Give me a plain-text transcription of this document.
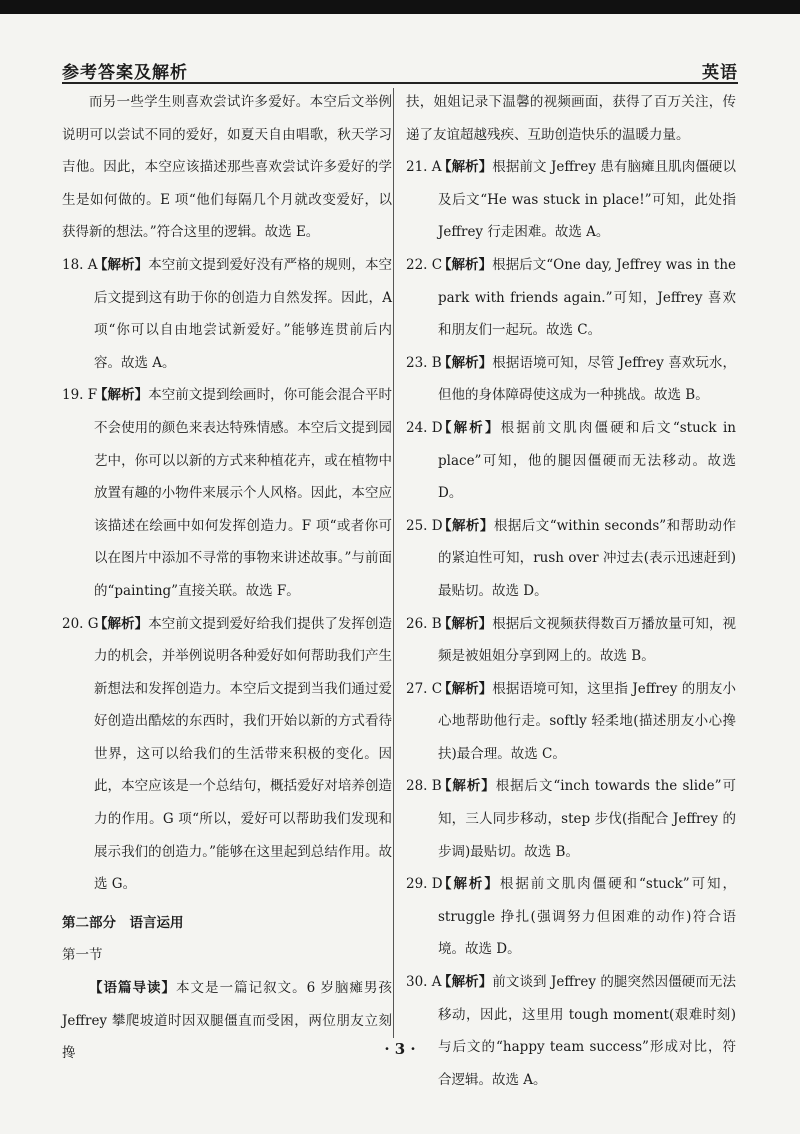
参考答案及解析	英语

而另一些学生则喜欢尝试许多爱好。本空后文举例说明可以尝试不同的爱好，如夏天自由唱歌，秋天学习吉他。因此，本空应该描述那些喜欢尝试许多爱好的学生是如何做的。E 项“他们每隔几个月就改变爱好，以获得新的想法。”符合这里的逻辑。故选 E。

18. A
【解析】本空前文提到爱好没有严格的规则，本空后文提到这有助于你的创造力自然发挥。因此，A 项“你可以自由地尝试新爱好。”能够连贯前后内容。故选 A。
19. F
【解析】本空前文提到绘画时，你可能会混合平时不会使用的颜色来表达特殊情感。本空后文提到园艺中，你可以以新的方式来种植花卉，或在植物中放置有趣的小物件来展示个人风格。因此，本空应该描述在绘画中如何发挥创造力。F 项“或者你可以在图片中添加不寻常的事物来讲述故事。”与前面的“painting”直接关联。故选 F。
20. G
【解析】本空前文提到爱好给我们提供了发挥创造力的机会，并举例说明各种爱好如何帮助我们产生新想法和发挥创造力。本空后文提到当我们通过爱好创造出酷炫的东西时，我们开始以新的方式看待世界，这可以给我们的生活带来积极的变化。因此，本空应该是一个总结句，概括爱好对培养创造力的作用。G 项“所以，爱好可以帮助我们发现和展示我们的创造力。”能够在这里起到总结作用。故选 G。

第二部分　语言运用

第一节

【语篇导读】本文是一篇记叙文。6 岁脑瘫男孩 Jeffrey 攀爬坡道时因双腿僵直而受困，两位朋友立刻搀

扶，姐姐记录下温馨的视频画面，获得了百万关注，传递了友谊超越残疾、互助创造快乐的温暖力量。

21. A
【解析】根据前文 Jeffrey 患有脑瘫且肌肉僵硬以及后文“He was stuck in place!”可知，此处指 Jeffrey 行走困难。故选 A。
22. C
【解析】根据后文“One day, Jeffrey was in the park with friends again.”可知，Jeffrey 喜欢和朋友们一起玩。故选 C。
23. B
【解析】根据语境可知，尽管 Jeffrey 喜欢玩水，但他的身体障碍使这成为一种挑战。故选 B。
24. D
【解析】根据前文肌肉僵硬和后文“stuck in place”可知，他的腿因僵硬而无法移动。故选 D。
25. D
【解析】根据后文“within seconds”和帮助动作的紧迫性可知，rush over 冲过去(表示迅速赶到)最贴切。故选 D。
26. B
【解析】根据后文视频获得数百万播放量可知，视频是被姐姐分享到网上的。故选 B。
27. C
【解析】根据语境可知，这里指 Jeffrey 的朋友小心地帮助他行走。softly 轻柔地(描述朋友小心搀扶)最合理。故选 C。
28. B
【解析】根据后文“inch towards the slide”可知，三人同步移动，step 步伐(指配合 Jeffrey 的步调)最贴切。故选 B。
29. D
【解析】根据前文肌肉僵硬和“stuck”可知，struggle 挣扎(强调努力但困难的动作)符合语境。故选 D。
30. A
【解析】前文谈到 Jeffrey 的腿突然因僵硬而无法移动，因此，这里用 tough moment(艰难时刻)与后文的“happy team success”形成对比，符合逻辑。故选 A。
· 3 ·
